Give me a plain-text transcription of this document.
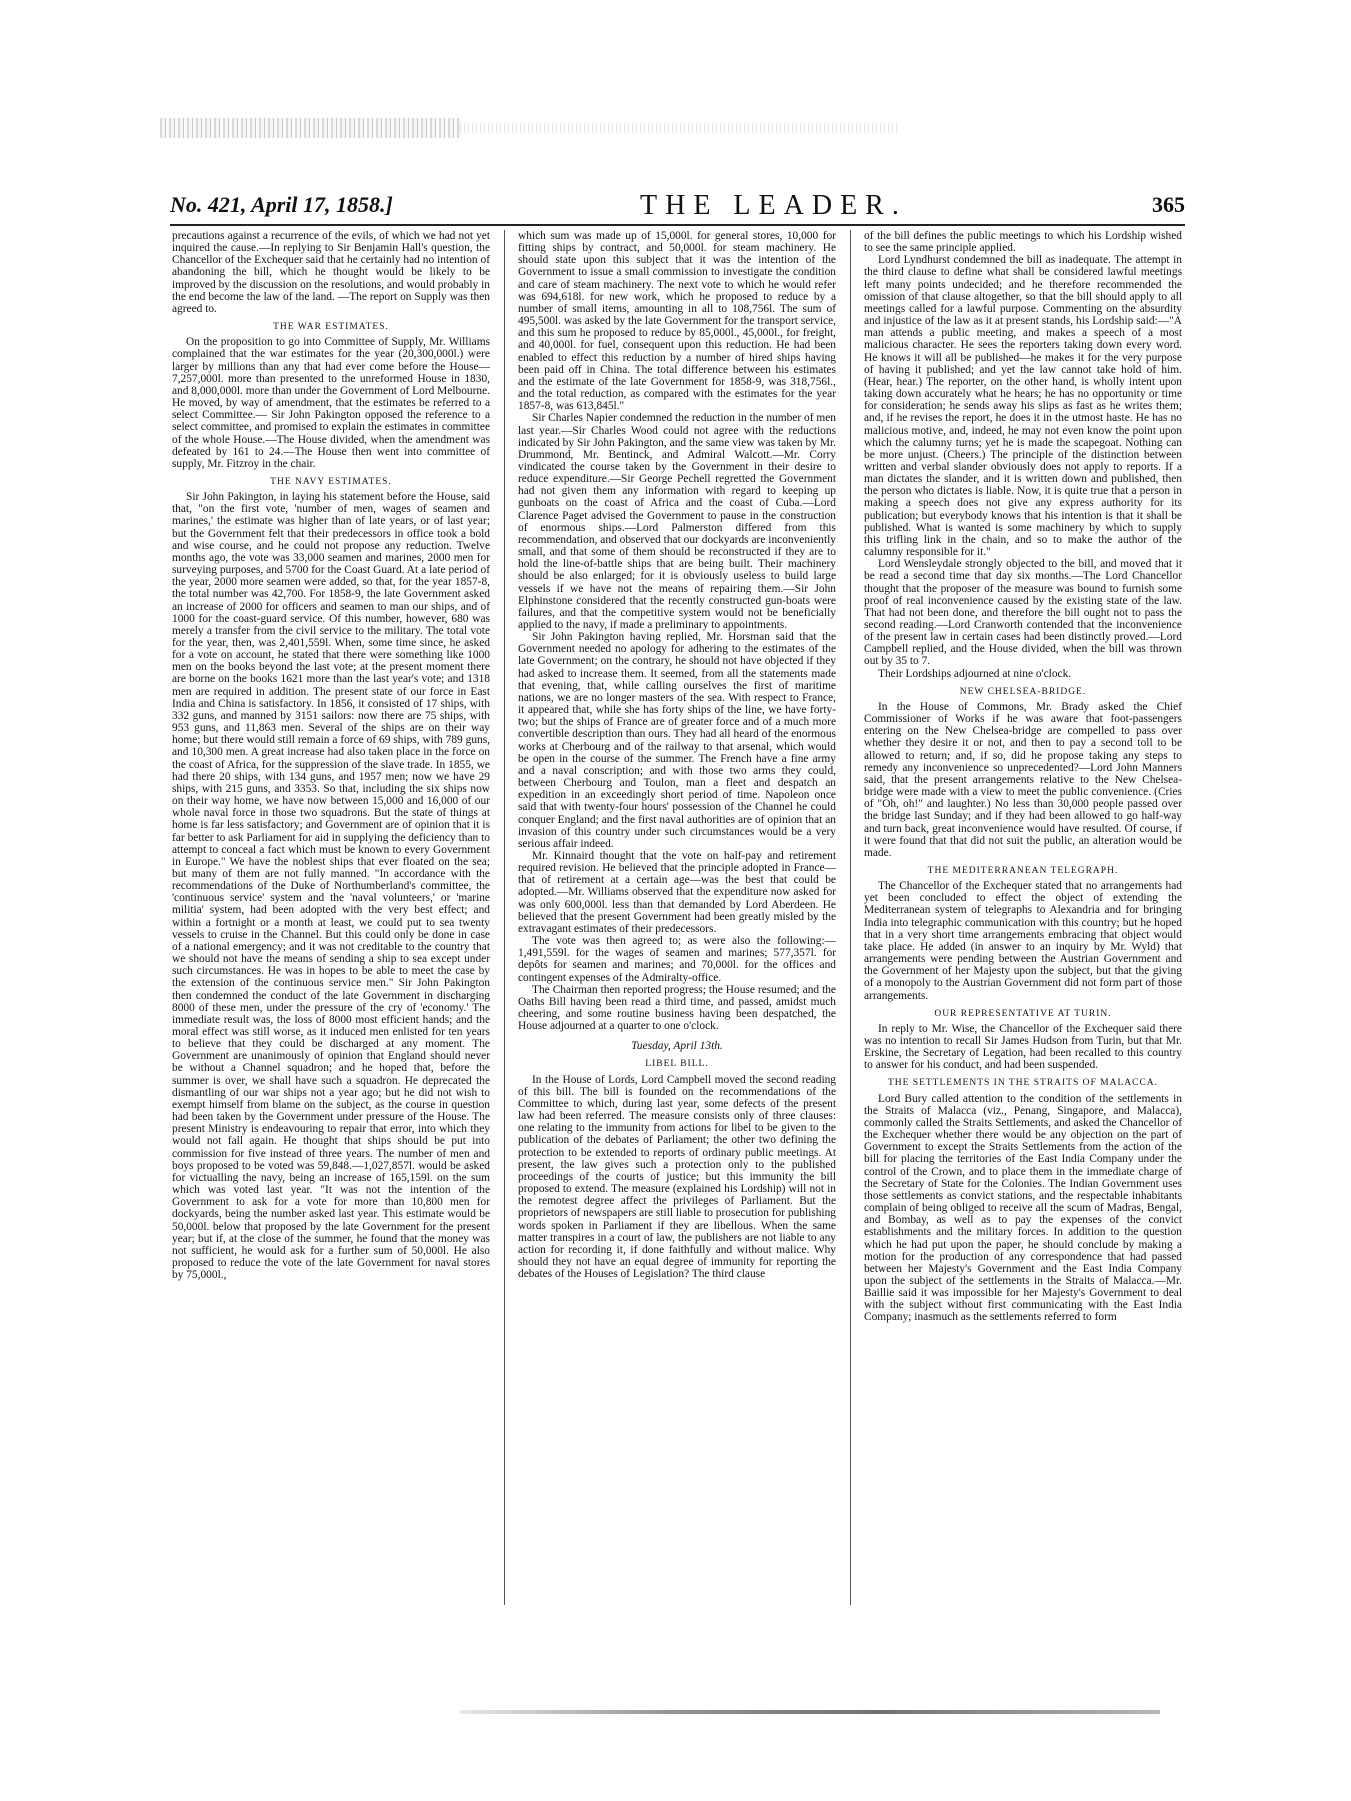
No. 421, April 17, 1858.]	THE LEADER.	365

precautions against a recurrence of the evils, of which we had not yet inquired the cause.—In replying to Sir Benjamin Hall's question, the Chancellor of the Exchequer said that he certainly had no intention of abandoning the bill, which he thought would be likely to be improved by the discussion on the resolutions, and would probably in the end become the law of the land. —The report on Supply was then agreed to.

THE WAR ESTIMATES.

On the proposition to go into Committee of Supply, Mr. Williams complained that the war estimates for the year (20,300,000l.) were larger by millions than any that had ever come before the House—7,257,000l. more than presented to the unreformed House in 1830, and 8,000,000l. more than under the Government of Lord Melbourne. He moved, by way of amendment, that the estimates be referred to a select Committee.— Sir John Pakington opposed the reference to a select committee, and promised to explain the estimates in committee of the whole House.—The House divided, when the amendment was defeated by 161 to 24.—The House then went into committee of supply, Mr. Fitzroy in the chair.

THE NAVY ESTIMATES.

Sir John Pakington, in laying his statement before the House, said that, "on the first vote, 'number of men, wages of seamen and marines,' the estimate was higher than of late years, or of last year; but the Government felt that their predecessors in office took a bold and wise course, and he could not propose any reduction. Twelve months ago, the vote was 33,000 seamen and marines, 2000 men for surveying purposes, and 5700 for the Coast Guard. At a late period of the year, 2000 more seamen were added, so that, for the year 1857-8, the total number was 42,700. For 1858-9, the late Government asked an increase of 2000 for officers and seamen to man our ships, and of 1000 for the coast-guard service. Of this number, however, 680 was merely a transfer from the civil service to the military. The total vote for the year, then, was 2,401,559l. When, some time since, he asked for a vote on account, he stated that there were something like 1000 men on the books beyond the last vote; at the present moment there are borne on the books 1621 more than the last year's vote; and 1318 men are required in addition. The present state of our force in East India and China is satisfactory. In 1856, it consisted of 17 ships, with 332 guns, and manned by 3151 sailors: now there are 75 ships, with 953 guns, and 11,863 men. Several of the ships are on their way home; but there would still remain a force of 69 ships, with 789 guns, and 10,300 men. A great increase had also taken place in the force on the coast of Africa, for the suppression of the slave trade. In 1855, we had there 20 ships, with 134 guns, and 1957 men; now we have 29 ships, with 215 guns, and 3353. So that, including the six ships now on their way home, we have now between 15,000 and 16,000 of our whole naval force in those two squadrons. But the state of things at home is far less satisfactory; and Government are of opinion that it is far better to ask Parliament for aid in supplying the deficiency than to attempt to conceal a fact which must be known to every Government in Europe." We have the noblest ships that ever floated on the sea; but many of them are not fully manned. "In accordance with the recommendations of the Duke of Northumberland's committee, the 'continuous service' system and the 'naval volunteers,' or 'marine militia' system, had been adopted with the very best effect; and within a fortnight or a month at least, we could put to sea twenty vessels to cruise in the Channel. But this could only be done in case of a national emergency; and it was not creditable to the country that we should not have the means of sending a ship to sea except under such circumstances. He was in hopes to be able to meet the case by the extension of the continuous service men." Sir John Pakington then condemned the conduct of the late Government in discharging 8000 of these men, under the pressure of the cry of 'economy.' The immediate result was, the loss of 8000 most efficient hands; and the moral effect was still worse, as it induced men enlisted for ten years to believe that they could be discharged at any moment. The Government are unanimously of opinion that England should never be without a Channel squadron; and he hoped that, before the summer is over, we shall have such a squadron. He deprecated the dismantling of our war ships not a year ago; but he did not wish to exempt himself from blame on the subject, as the course in question had been taken by the Government under pressure of the House. The present Ministry is endeavouring to repair that error, into which they would not fall again. He thought that ships should be put into commission for five instead of three years. The number of men and boys proposed to be voted was 59,848.—1,027,857l. would be asked for victualling the navy, being an increase of 165,159l. on the sum which was voted last year. "It was not the intention of the Government to ask for a vote for more than 10,800 men for dockyards, being the number asked last year. This estimate would be 50,000l. below that proposed by the late Government for the present year; but if, at the close of the summer, he found that the money was not sufficient, he would ask for a further sum of 50,000l. He also proposed to reduce the vote of the late Government for naval stores by 75,000l.,

which sum was made up of 15,000l. for general stores, 10,000 for fitting ships by contract, and 50,000l. for steam machinery. He should state upon this subject that it was the intention of the Government to issue a small commission to investigate the condition and care of steam machinery. The next vote to which he would refer was 694,618l. for new work, which he proposed to reduce by a number of small items, amounting in all to 108,756l. The sum of 495,500l. was asked by the late Government for the transport service, and this sum he proposed to reduce by 85,000l., 45,000l., for freight, and 40,000l. for fuel, consequent upon this reduction. He had been enabled to effect this reduction by a number of hired ships having been paid off in China. The total difference between his estimates and the estimate of the late Government for 1858-9, was 318,756l., and the total reduction, as compared with the estimates for the year 1857-8, was 613,845l."

Sir Charles Napier condemned the reduction in the number of men last year.—Sir Charles Wood could not agree with the reductions indicated by Sir John Pakington, and the same view was taken by Mr. Drummond, Mr. Bentinck, and Admiral Walcott.—Mr. Corry vindicated the course taken by the Government in their desire to reduce expenditure.—Sir George Pechell regretted the Government had not given them any information with regard to keeping up gunboats on the coast of Africa and the coast of Cuba.—Lord Clarence Paget advised the Government to pause in the construction of enormous ships.—Lord Palmerston differed from this recommendation, and observed that our dockyards are inconveniently small, and that some of them should be reconstructed if they are to hold the line-of-battle ships that are being built. Their machinery should be also enlarged; for it is obviously useless to build large vessels if we have not the means of repairing them.—Sir John Elphinstone considered that the recently constructed gun-boats were failures, and that the competitive system would not be beneficially applied to the navy, if made a preliminary to appointments.

Sir John Pakington having replied, Mr. Horsman said that the Government needed no apology for adhering to the estimates of the late Government; on the contrary, he should not have objected if they had asked to increase them. It seemed, from all the statements made that evening, that, while calling ourselves the first of maritime nations, we are no longer masters of the sea. With respect to France, it appeared that, while she has forty ships of the line, we have forty-two; but the ships of France are of greater force and of a much more convertible description than ours. They had all heard of the enormous works at Cherbourg and of the railway to that arsenal, which would be open in the course of the summer. The French have a fine army and a naval conscription; and with those two arms they could, between Cherbourg and Toulon, man a fleet and despatch an expedition in an exceedingly short period of time. Napoleon once said that with twenty-four hours' possession of the Channel he could conquer England; and the first naval authorities are of opinion that an invasion of this country under such circumstances would be a very serious affair indeed.

Mr. Kinnaird thought that the vote on half-pay and retirement required revision. He believed that the principle adopted in France—that of retirement at a certain age—was the best that could be adopted.—Mr. Williams observed that the expenditure now asked for was only 600,000l. less than that demanded by Lord Aberdeen. He believed that the present Government had been greatly misled by the extravagant estimates of their predecessors.

The vote was then agreed to; as were also the following:—1,491,559l. for the wages of seamen and marines; 577,357l. for depôts for seamen and marines; and 70,000l. for the offices and contingent expenses of the Admiralty-office.

The Chairman then reported progress; the House resumed; and the Oaths Bill having been read a third time, and passed, amidst much cheering, and some routine business having been despatched, the House adjourned at a quarter to one o'clock.

Tuesday, April 13th.
LIBEL BILL.

In the House of Lords, Lord Campbell moved the second reading of this bill. The bill is founded on the recommendations of the Committee to which, during last year, some defects of the present law had been referred. The measure consists only of three clauses: one relating to the immunity from actions for libel to be given to the publication of the debates of Parliament; the other two defining the protection to be extended to reports of ordinary public meetings. At present, the law gives such a protection only to the published proceedings of the courts of justice; but this immunity the bill proposed to extend. The measure (explained his Lordship) will not in the remotest degree affect the privileges of Parliament. But the proprietors of newspapers are still liable to prosecution for publishing words spoken in Parliament if they are libellous. When the same matter transpires in a court of law, the publishers are not liable to any action for recording it, if done faithfully and without malice. Why should they not have an equal degree of immunity for reporting the debates of the Houses of Legislation? The third clause

of the bill defines the public meetings to which his Lordship wished to see the same principle applied.

Lord Lyndhurst condemned the bill as inadequate. The attempt in the third clause to define what shall be considered lawful meetings left many points undecided; and he therefore recommended the omission of that clause altogether, so that the bill should apply to all meetings called for a lawful purpose. Commenting on the absurdity and injustice of the law as it at present stands, his Lordship said:—"A man attends a public meeting, and makes a speech of a most malicious character. He sees the reporters taking down every word. He knows it will all be published—he makes it for the very purpose of having it published; and yet the law cannot take hold of him. (Hear, hear.) The reporter, on the other hand, is wholly intent upon taking down accurately what he hears; he has no opportunity or time for consideration; he sends away his slips as fast as he writes them; and, if he revises the report, he does it in the utmost haste. He has no malicious motive, and, indeed, he may not even know the point upon which the calumny turns; yet he is made the scapegoat. Nothing can be more unjust. (Cheers.) The principle of the distinction between written and verbal slander obviously does not apply to reports. If a man dictates the slander, and it is written down and published, then the person who dictates is liable. Now, it is quite true that a person in making a speech does not give any express authority for its publication; but everybody knows that his intention is that it shall be published. What is wanted is some machinery by which to supply this trifling link in the chain, and so to make the author of the calumny responsible for it."

Lord Wensleydale strongly objected to the bill, and moved that it be read a second time that day six months.—The Lord Chancellor thought that the proposer of the measure was bound to furnish some proof of real inconvenience caused by the existing state of the law. That had not been done, and therefore the bill ought not to pass the second reading.—Lord Cranworth contended that the inconvenience of the present law in certain cases had been distinctly proved.—Lord Campbell replied, and the House divided, when the bill was thrown out by 35 to 7.

Their Lordships adjourned at nine o'clock.

NEW CHELSEA-BRIDGE.

In the House of Commons, Mr. Brady asked the Chief Commissioner of Works if he was aware that foot-passengers entering on the New Chelsea-bridge are compelled to pass over whether they desire it or not, and then to pay a second toll to be allowed to return; and, if so, did he propose taking any steps to remedy any inconvenience so unprecedented?—Lord John Manners said, that the present arrangements relative to the New Chelsea-bridge were made with a view to meet the public convenience. (Cries of "Oh, oh!" and laughter.) No less than 30,000 people passed over the bridge last Sunday; and if they had been allowed to go half-way and turn back, great inconvenience would have resulted. Of course, if it were found that that did not suit the public, an alteration would be made.

THE MEDITERRANEAN TELEGRAPH.

The Chancellor of the Exchequer stated that no arrangements had yet been concluded to effect the object of extending the Mediterranean system of telegraphs to Alexandria and for bringing India into telegraphic communication with this country; but he hoped that in a very short time arrangements embracing that object would take place. He added (in answer to an inquiry by Mr. Wyld) that arrangements were pending between the Austrian Government and the Government of her Majesty upon the subject, but that the giving of a monopoly to the Austrian Government did not form part of those arrangements.

OUR REPRESENTATIVE AT TURIN.

In reply to Mr. Wise, the Chancellor of the Exchequer said there was no intention to recall Sir James Hudson from Turin, but that Mr. Erskine, the Secretary of Legation, had been recalled to this country to answer for his conduct, and had been suspended.

THE SETTLEMENTS IN THE STRAITS OF MALACCA.

Lord Bury called attention to the condition of the settlements in the Straits of Malacca (viz., Penang, Singapore, and Malacca), commonly called the Straits Settlements, and asked the Chancellor of the Exchequer whether there would be any objection on the part of Government to except the Straits Settlements from the action of the bill for placing the territories of the East India Company under the control of the Crown, and to place them in the immediate charge of the Secretary of State for the Colonies. The Indian Government uses those settlements as convict stations, and the respectable inhabitants complain of being obliged to receive all the scum of Madras, Bengal, and Bombay, as well as to pay the expenses of the convict establishments and the military forces. In addition to the question which he had put upon the paper, he should conclude by making a motion for the production of any correspondence that had passed between her Majesty's Government and the East India Company upon the subject of the settlements in the Straits of Malacca.—Mr. Baillie said it was impossible for her Majesty's Government to deal with the subject without first communicating with the East India Company; inasmuch as the settlements referred to form
